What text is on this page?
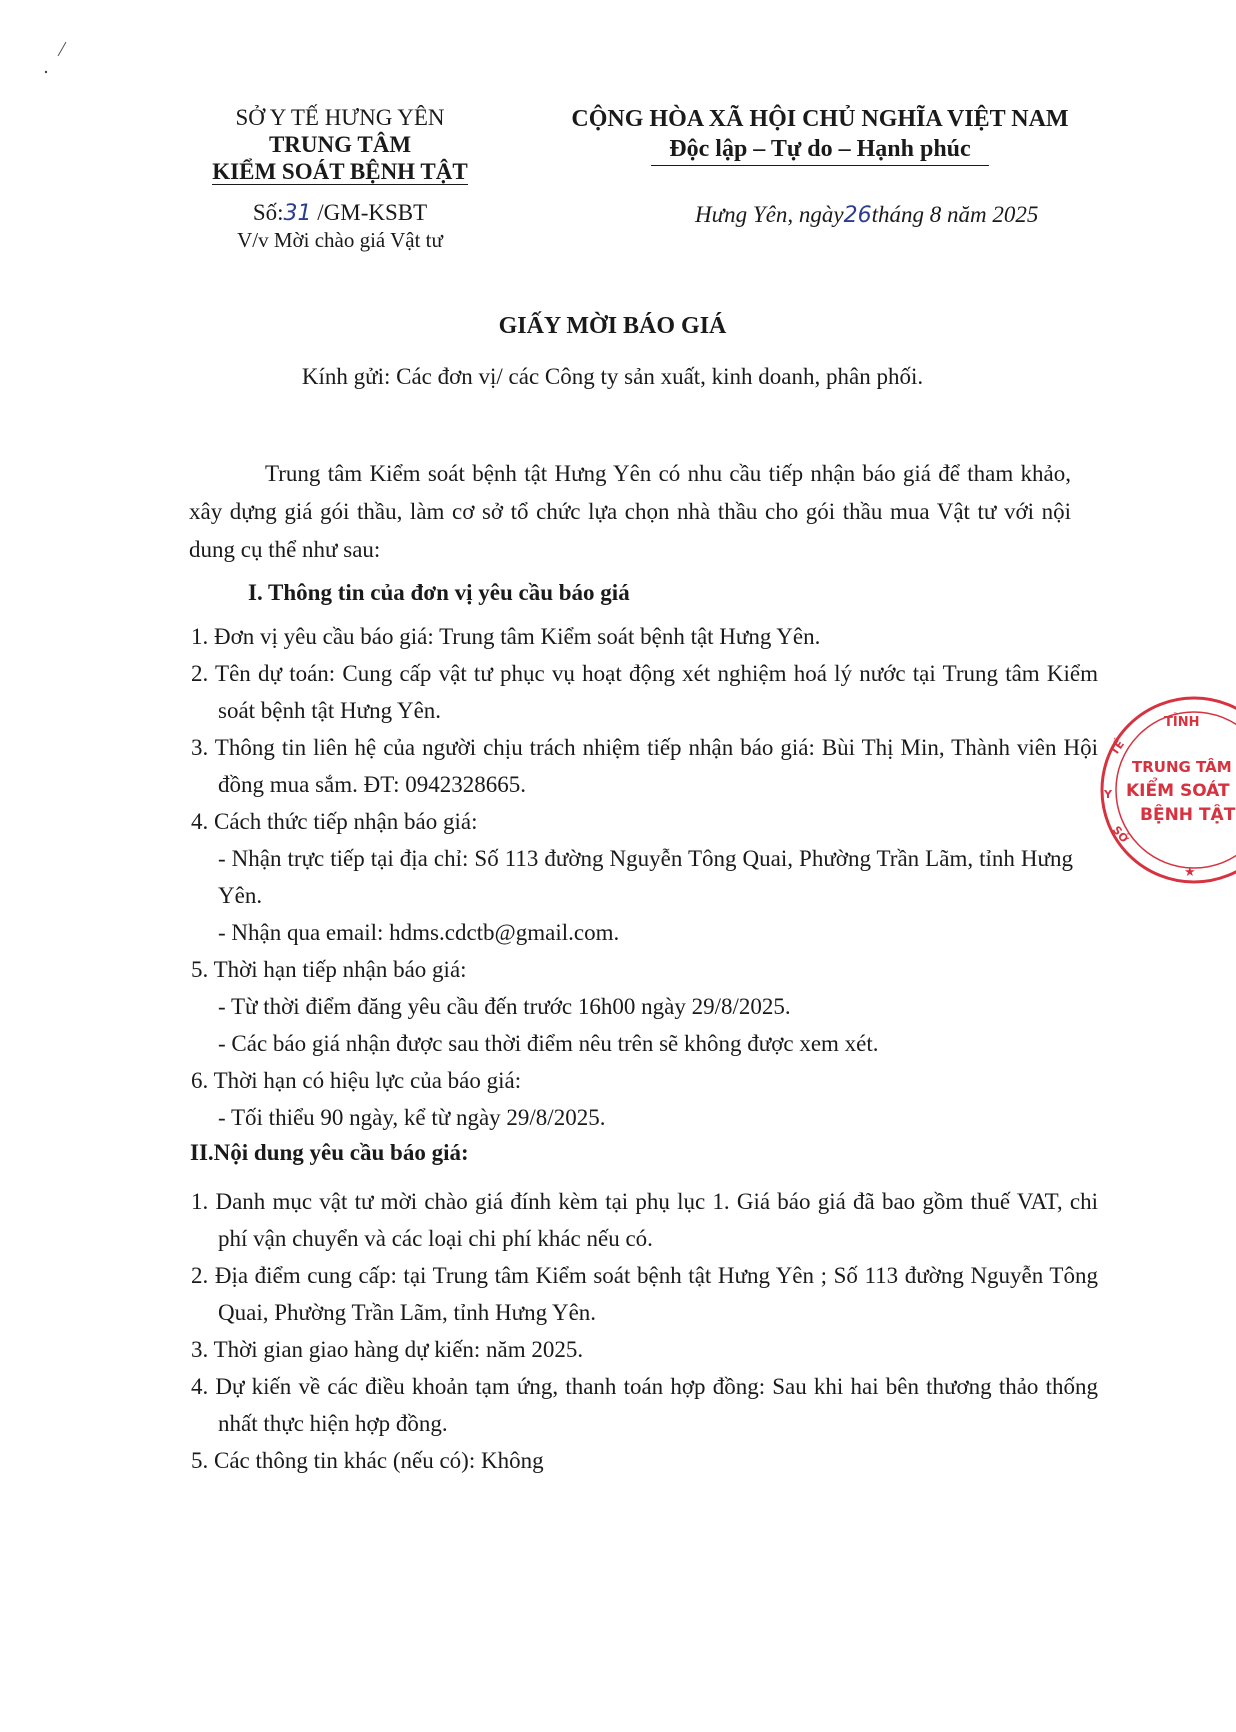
SỞ Y TẾ HƯNG YÊN
TRUNG TÂM
KIỂM SOÁT BỆNH TẬT
CỘNG HÒA XÃ HỘI CHỦ NGHĨA VIỆT NAM
Độc lập – Tự do – Hạnh phúc
Số:31 /GM-KSBT
V/v Mời chào giá Vật tư
Hưng Yên, ngày26tháng 8 năm 2025
GIẤY MỜI BÁO GIÁ
Kính gửi: Các đơn vị/ các Công ty sản xuất, kinh doanh, phân phối.
Trung tâm Kiểm soát bệnh tật Hưng Yên có nhu cầu tiếp nhận báo giá để tham khảo, xây dựng giá gói thầu, làm cơ sở tổ chức lựa chọn nhà thầu cho gói thầu mua Vật tư với nội dung cụ thể như sau:
I. Thông tin của đơn vị yêu cầu báo giá
1. Đơn vị yêu cầu báo giá: Trung tâm Kiểm soát bệnh tật Hưng Yên.
2. Tên dự toán: Cung cấp vật tư phục vụ hoạt động xét nghiệm hoá lý nước tại Trung tâm Kiểm soát bệnh tật Hưng Yên.
3. Thông tin liên hệ của người chịu trách nhiệm tiếp nhận báo giá: Bùi Thị Min, Thành viên Hội đồng mua sắm. ĐT: 0942328665.
4. Cách thức tiếp nhận báo giá:
- Nhận trực tiếp tại địa chỉ: Số 113 đường Nguyễn Tông Quai, Phường Trần Lãm, tỉnh Hưng Yên.
- Nhận qua email: hdms.cdctb@gmail.com.
5. Thời hạn tiếp nhận báo giá:
- Từ thời điểm đăng yêu cầu đến trước 16h00 ngày 29/8/2025.
- Các báo giá nhận được sau thời điểm nêu trên sẽ không được xem xét.
6. Thời hạn có hiệu lực của báo giá:
- Tối thiểu 90 ngày, kể từ ngày 29/8/2025.
II.Nội dung yêu cầu báo giá:
1. Danh mục vật tư mời chào giá đính kèm tại phụ lục 1. Giá báo giá đã bao gồm thuế VAT, chi phí vận chuyển và các loại chi phí khác nếu có.
2. Địa điểm cung cấp: tại Trung tâm Kiểm soát bệnh tật Hưng Yên ; Số 113 đường Nguyễn Tông Quai, Phường Trần Lãm, tỉnh Hưng Yên.
3. Thời gian giao hàng dự kiến: năm 2025.
4. Dự kiến về các điều khoản tạm ứng, thanh toán hợp đồng: Sau khi hai bên thương thảo thống nhất thực hiện hợp đồng.
5. Các thông tin khác (nếu có): Không
TỈNH
TRUNG TÂM
KIỂM SOÁT
BỆNH TẬT
Y
TẾ
SỞ
★
